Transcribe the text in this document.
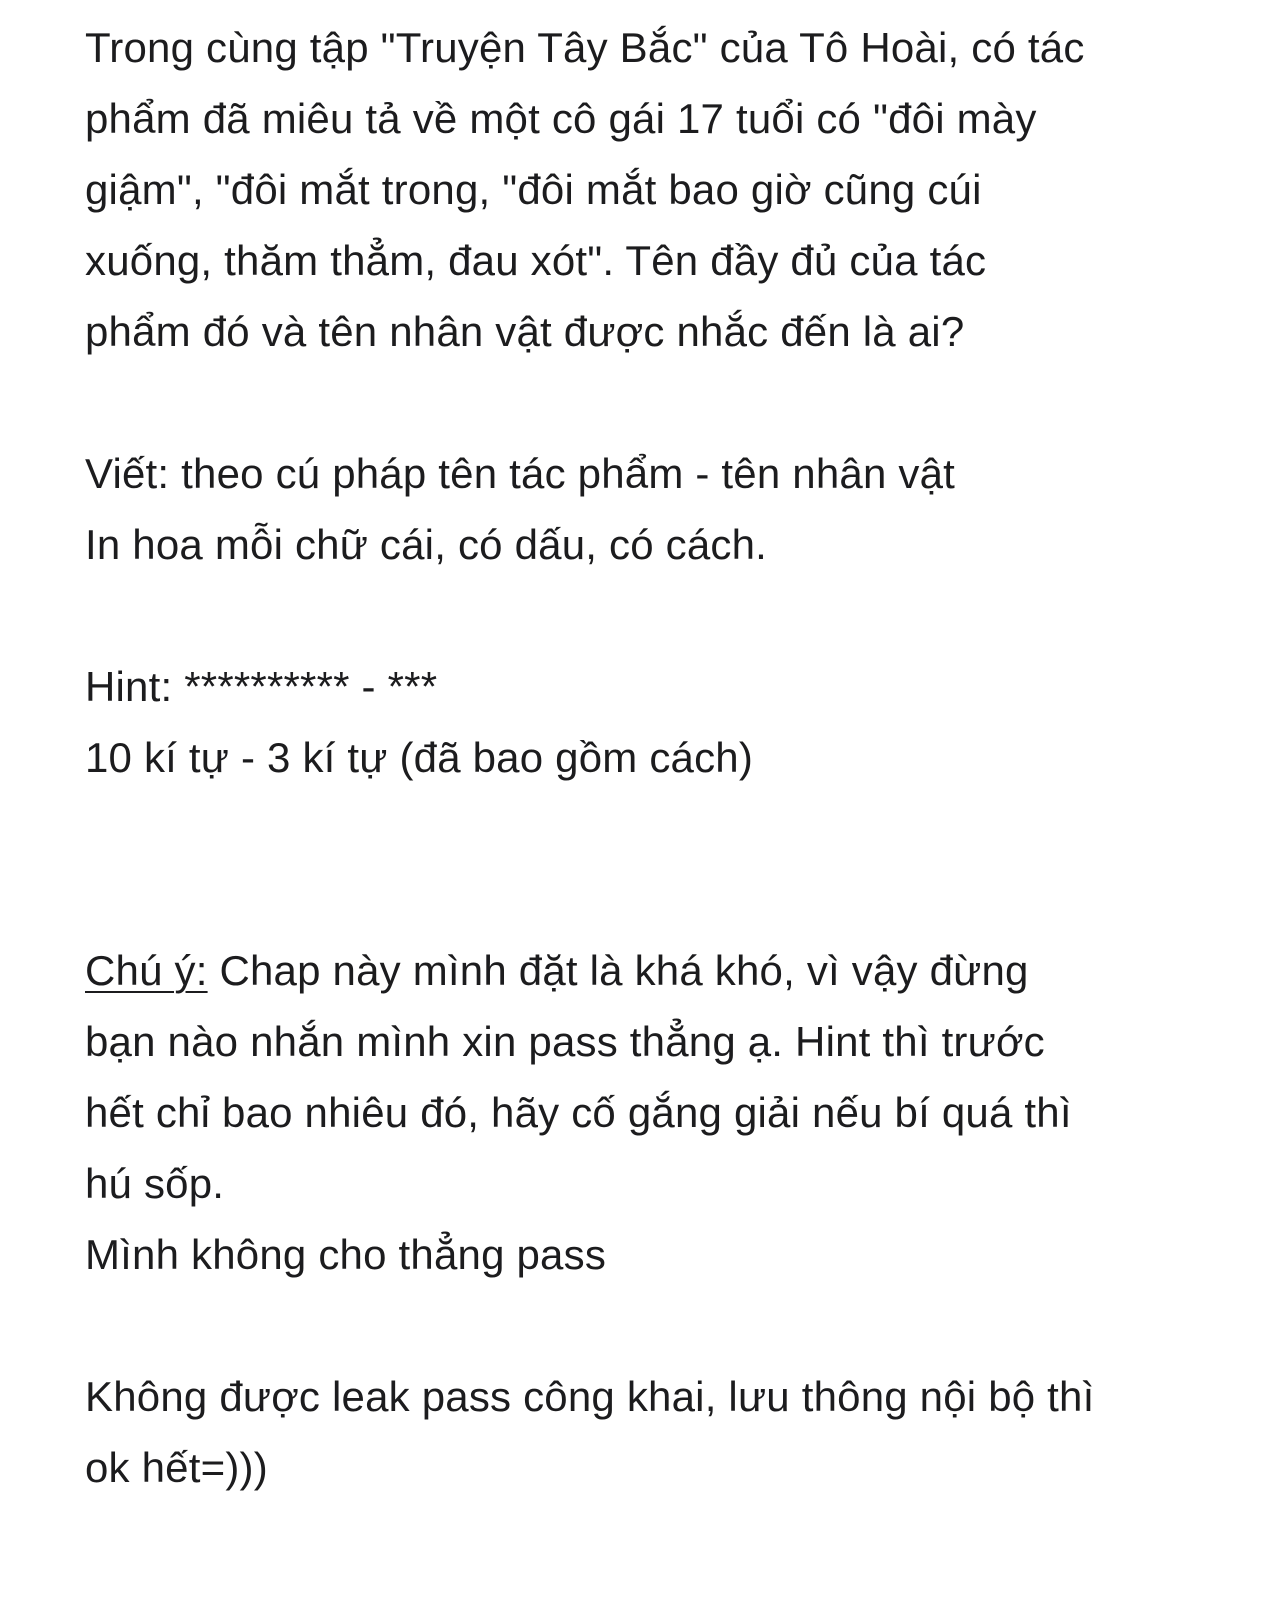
Trong cùng tập "Truyện Tây Bắc" của Tô Hoài, có tác
phẩm đã miêu tả về một cô gái 17 tuổi có "đôi mày
giậm", "đôi mắt trong, "đôi mắt bao giờ cũng cúi
xuống, thăm thẳm, đau xót". Tên đầy đủ của tác
phẩm đó và tên nhân vật được nhắc đến là ai?
Viết: theo cú pháp tên tác phẩm - tên nhân vật
In hoa mỗi chữ cái, có dấu, có cách.
Hint: ********** - ***
10 kí tự - 3 kí tự (đã bao gồm cách)
Chú ý: Chap này mình đặt là khá khó, vì vậy đừng
bạn nào nhắn mình xin pass thẳng ạ. Hint thì trước
hết chỉ bao nhiêu đó, hãy cố gắng giải nếu bí quá thì
hú sốp.
Mình không cho thẳng pass
Không được leak pass công khai, lưu thông nội bộ thì
ok hết=)))
